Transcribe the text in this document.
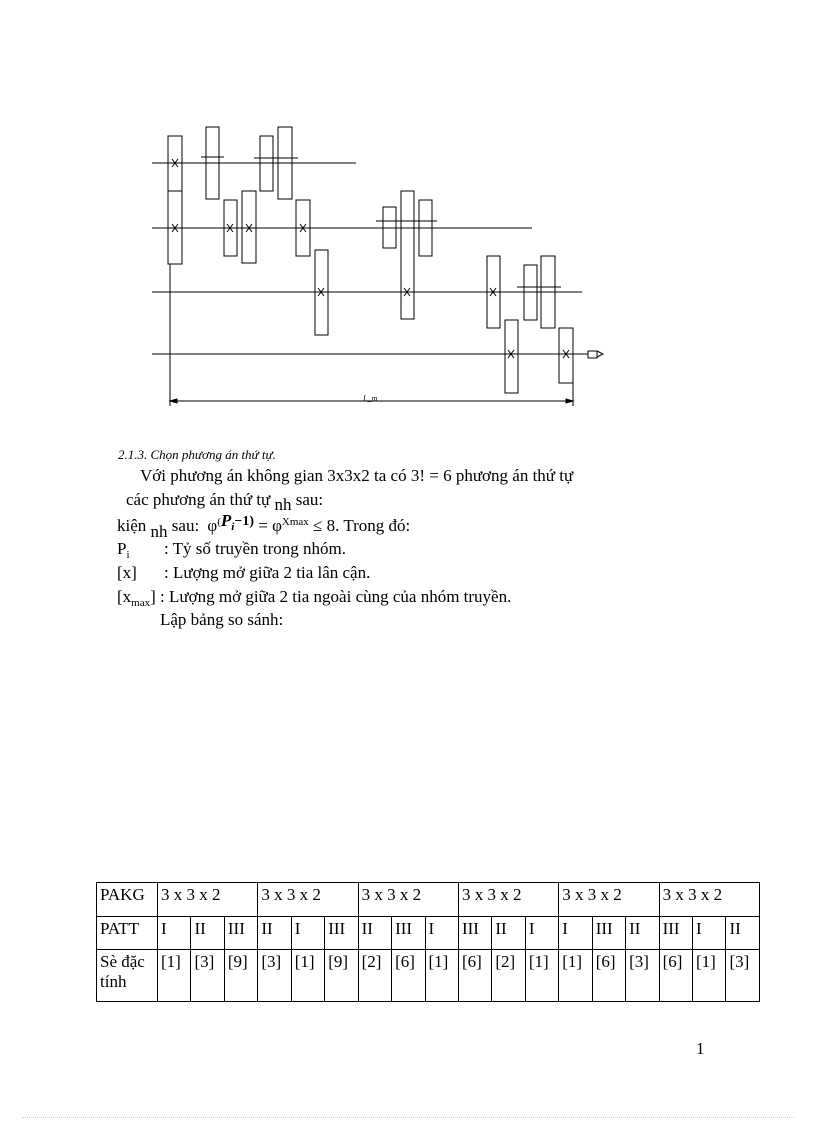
L_m
2.1.3. Chọn phương án thứ tự.
Với phương án không gian 3x3x2 ta có 3! = 6 phương án thứ tự
các phương án thứ tự nh sau:
kiện nh sau: $\varphi^(P_i^{-1)} = \varphi^{Xmax} \le 8$. Trong đó:
$P_i$ : Tỷ số truyền trong nhóm.
[x] : Lượng mở giữa 2 tia lân cận.
$[x_{max}]$ : Lượng mở giữa 2 tia ngoài cùng của nhóm truyền.
Lập bảng so sánh:
PAKG	3 x 3 x 2			3 x 3 x 2			3 x 3 x 2			3 x 3 x 2			3 x 3 x 2			3 x 3 x 2		
PATT	I	II	III	II	I	III	II	III	I	III	II	I	I	III	II	III	I	II
Sè đặc tính	[1]	[3]	[9]	[3]	[1]	[9]	[2]	[6]	[1]	[6]	[2]	[1]	[1]	[6]	[3]	[6]	[1]	[3]
1
